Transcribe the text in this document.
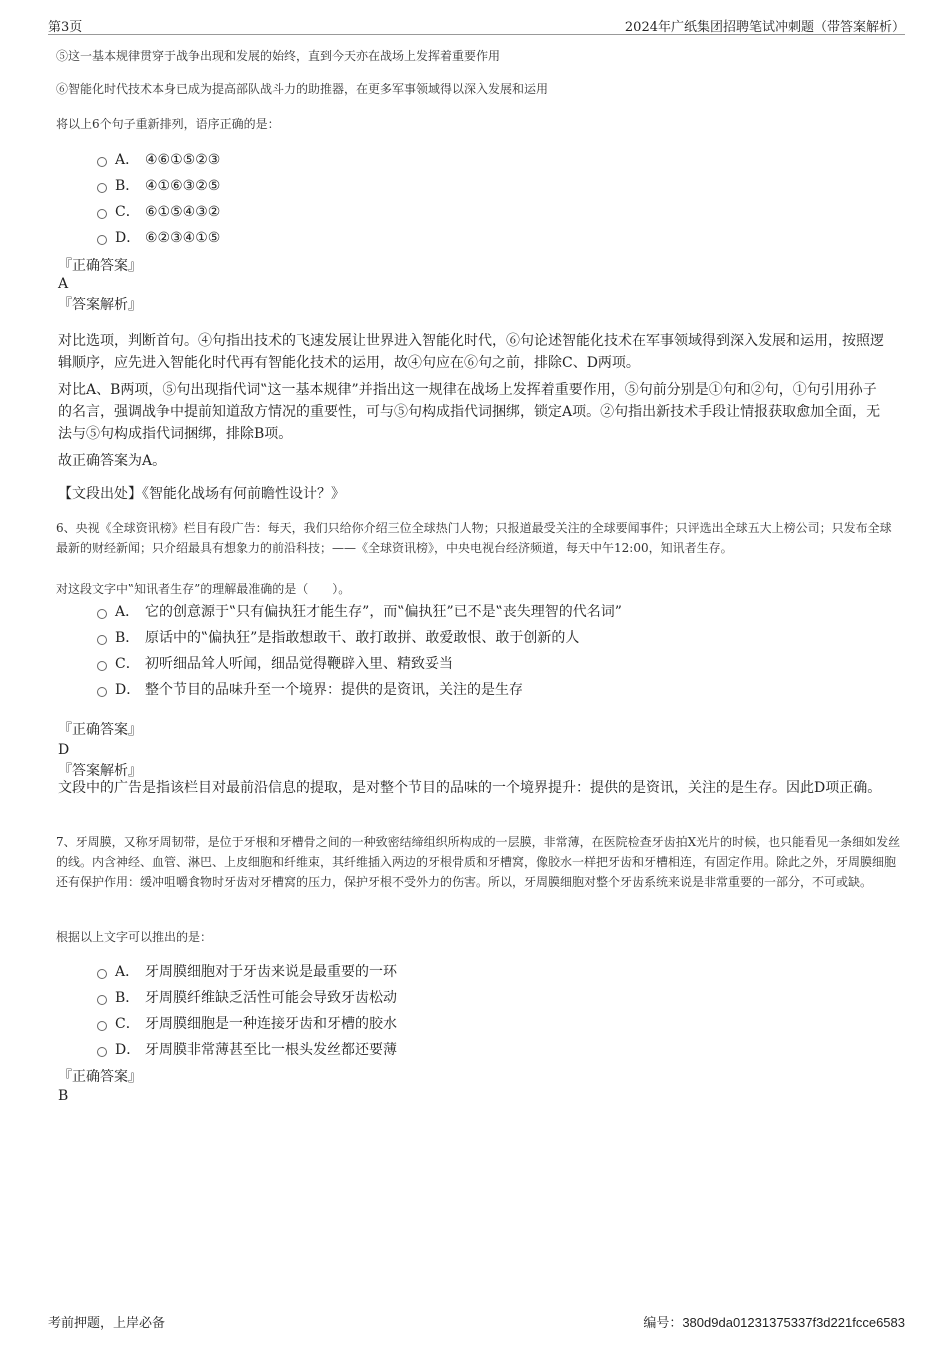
第3页	2024年广纸集团招聘笔试冲刺题（带答案解析）
⑤这一基本规律贯穿于战争出现和发展的始终，直到今天亦在战场上发挥着重要作用
⑥智能化时代技术本身已成为提高部队战斗力的助推器，在更多军事领域得以深入发展和运用
将以上6个句子重新排列，语序正确的是：
A． ④⑥①⑤②③
B． ④①⑥③②⑤
C． ⑥①⑤④③②
D． ⑥②③④①⑤
『正确答案』
A
『答案解析』
对比选项，判断首句。④句指出技术的飞速发展让世界进入智能化时代，⑥句论述智能化技术在军事领域得到深入发展和运用，按照逻辑顺序，应先进入智能化时代再有智能化技术的运用，故④句应在⑥句之前，排除C、D两项。
对比A、B两项，⑤句出现指代词‟这一基本规律”并指出这一规律在战场上发挥着重要作用，⑤句前分别是①句和②句，①句引用孙子的名言，强调战争中提前知道敌方情况的重要性，可与⑤句构成指代词捆绑，锁定A项。②句指出新技术手段让情报获取愈加全面，无法与⑤句构成指代词捆绑，排除B项。
故正确答案为A。
【文段出处】《智能化战场有何前瞻性设计？》
6、央视《全球资讯榜》栏目有段广告：每天，我们只给你介绍三位全球热门人物；只报道最受关注的全球要闻事件；只评选出全球五大上榜公司；只发布全球最新的财经新闻；只介绍最具有想象力的前沿科技；——《全球资讯榜》，中央电视台经济频道，每天中午12:00，知讯者生存。
对这段文字中‟知讯者生存”的理解最准确的是（　　）。
A． 它的创意源于‟只有偏执狂才能生存”，而‟偏执狂”已不是‟丧失理智的代名词”
B． 原话中的‟偏执狂”是指敢想敢干、敢打敢拼、敢爱敢恨、敢于创新的人
C． 初听细品耸人听闻，细品觉得鞭辟入里、精致妥当
D． 整个节目的品味升至一个境界：提供的是资讯，关注的是生存
『正确答案』
D
『答案解析』
文段中的广告是指该栏目对最前沿信息的提取，是对整个节目的品味的一个境界提升：提供的是资讯，关注的是生存。因此D项正确。
7、牙周膜，又称牙周韧带，是位于牙根和牙槽骨之间的一种致密结缔组织所构成的一层膜，非常薄，在医院检查牙齿拍X光片的时候，也只能看见一条细如发丝的线。内含神经、血管、淋巴、上皮细胞和纤维束，其纤维插入两边的牙根骨质和牙槽窝，像胶水一样把牙齿和牙槽相连，有固定作用。除此之外，牙周膜细胞还有保护作用：缓冲咀嚼食物时牙齿对牙槽窝的压力，保护牙根不受外力的伤害。所以，牙周膜细胞对整个牙齿系统来说是非常重要的一部分，不可或缺。
根据以上文字可以推出的是：
A． 牙周膜细胞对于牙齿来说是最重要的一环
B． 牙周膜纤维缺乏活性可能会导致牙齿松动
C． 牙周膜细胞是一种连接牙齿和牙槽的胶水
D． 牙周膜非常薄甚至比一根头发丝都还要薄
『正确答案』
B
考前押题，上岸必备	编号：380d9da01231375337f3d221fcce6583
